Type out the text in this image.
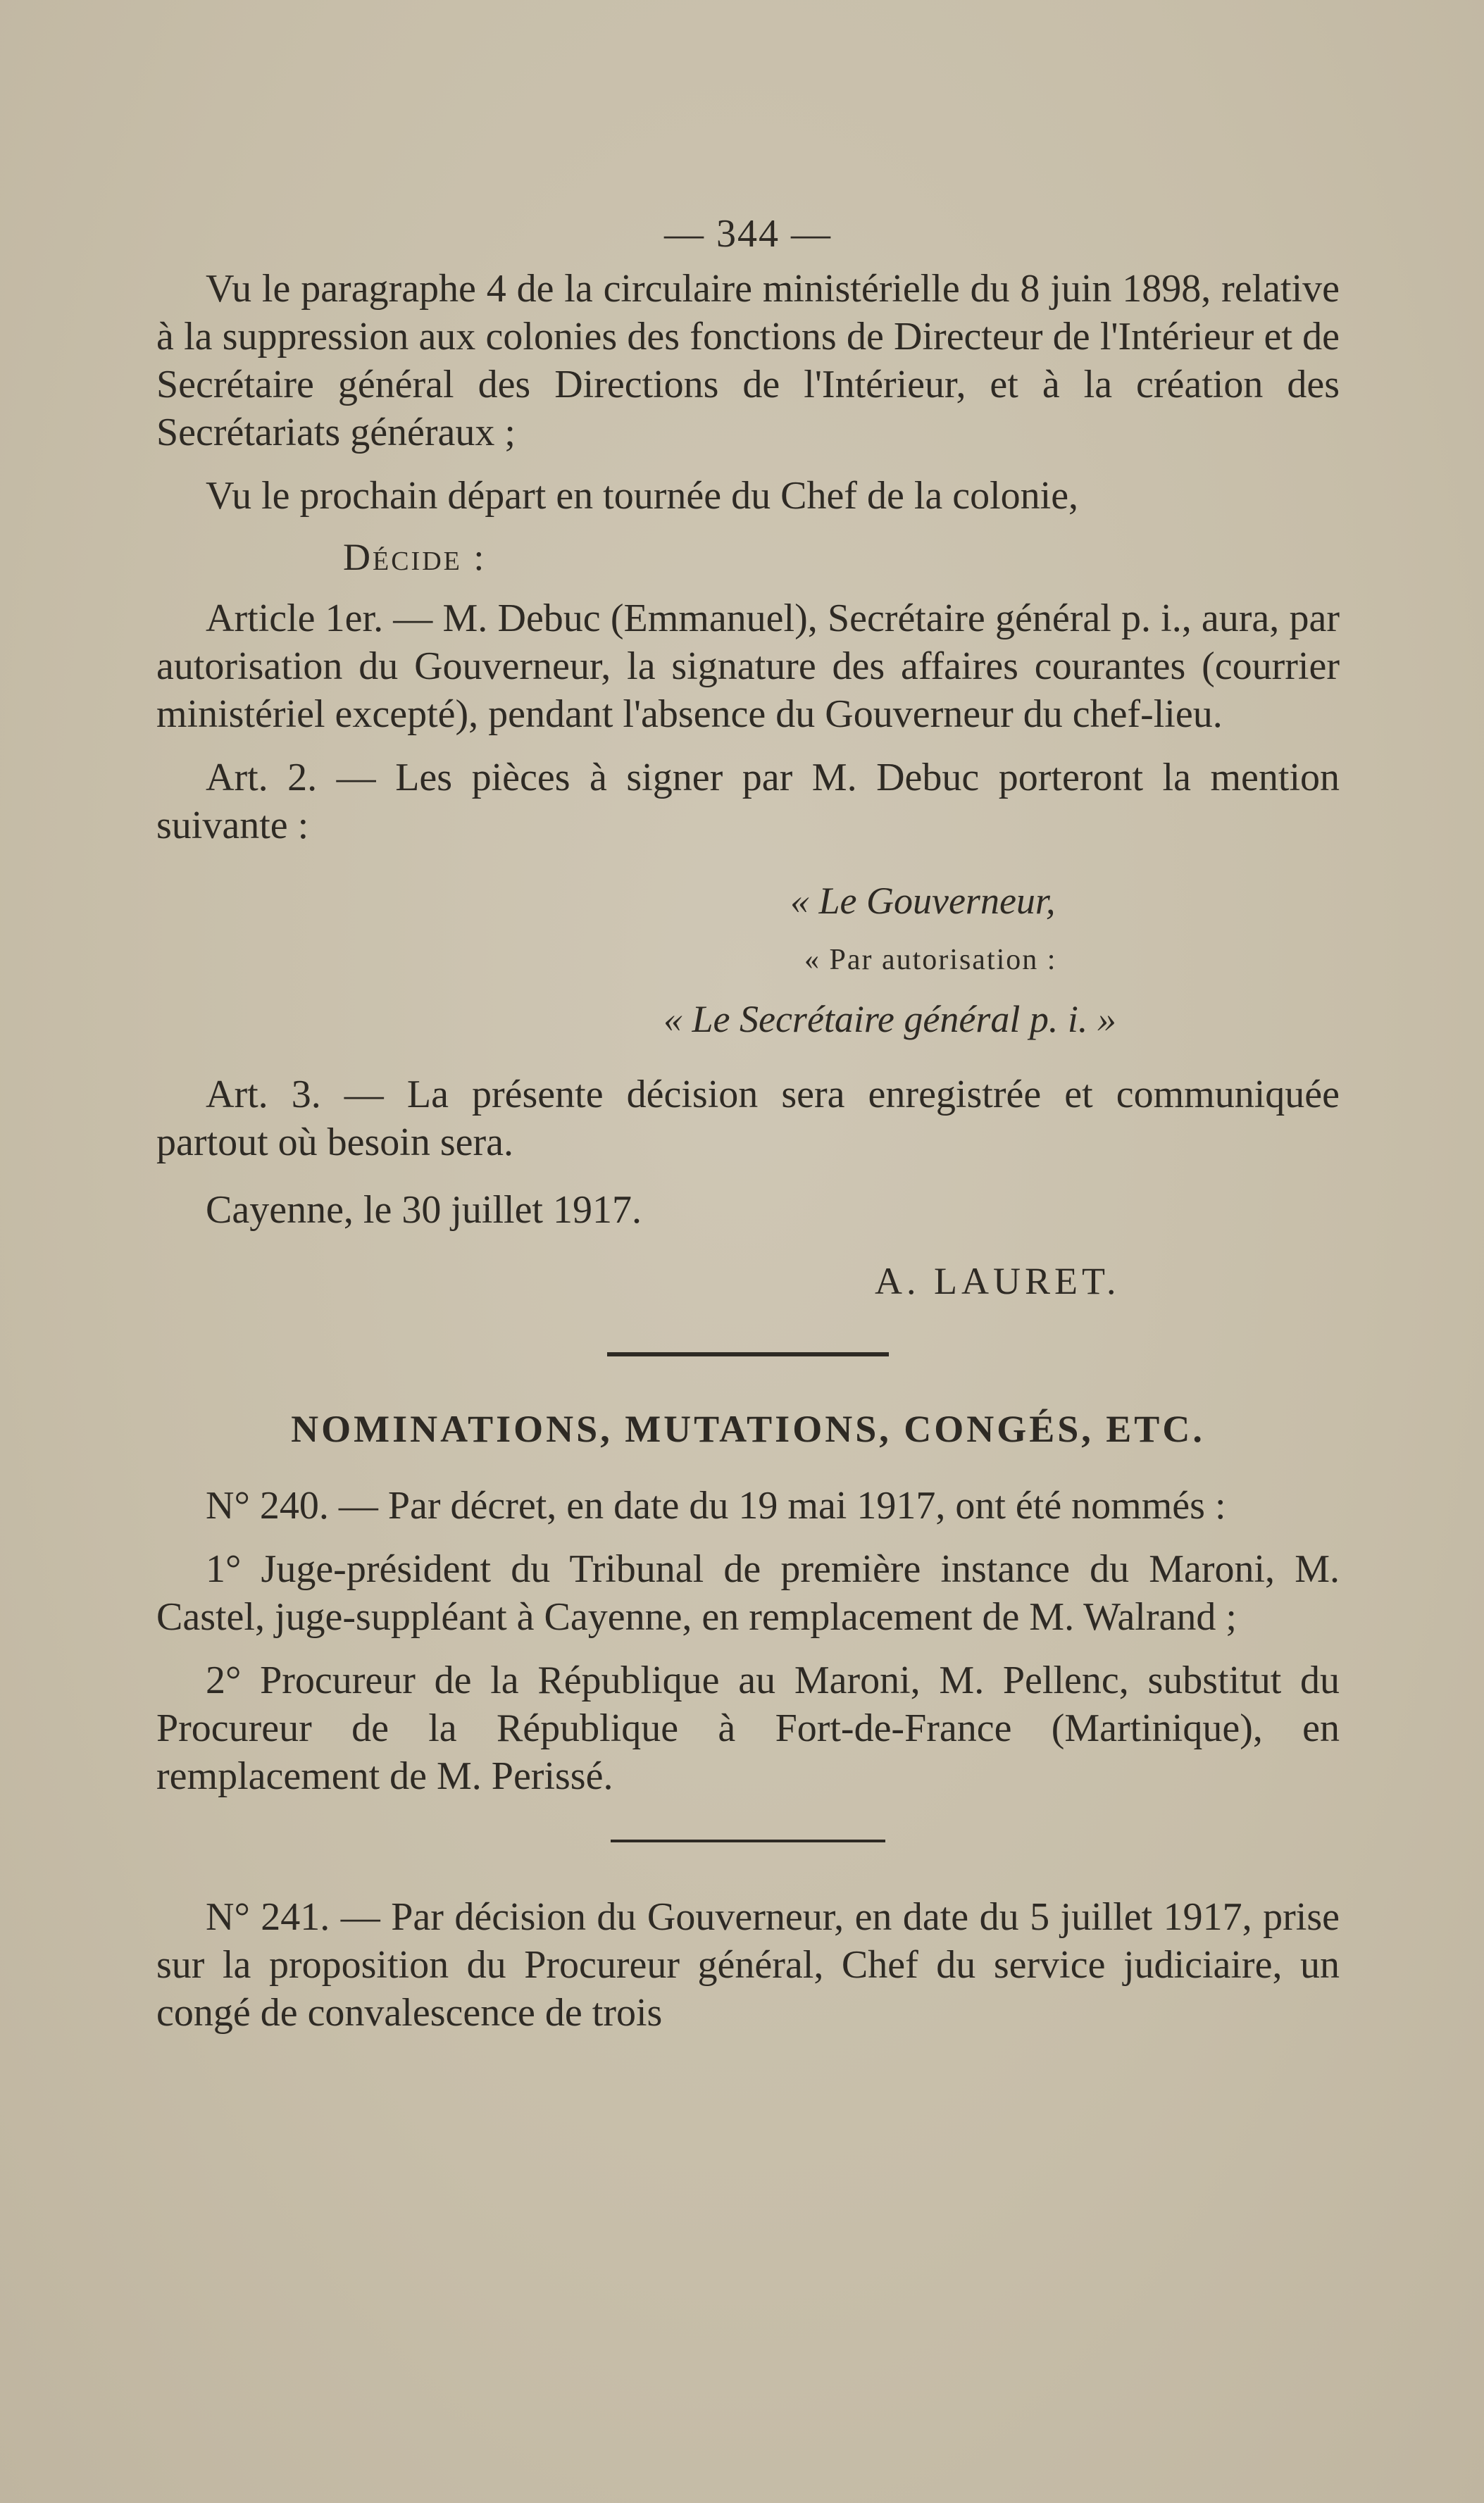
— 344 —

Vu le paragraphe 4 de la circulaire ministérielle du 8 juin 1898, relative à la suppression aux colonies des fonctions de Directeur de l'Intérieur et de Secrétaire général des Directions de l'Intérieur, et à la création des Secrétariats généraux ;

Vu le prochain départ en tournée du Chef de la colonie,

Décide :

Article 1er. — M. Debuc (Emmanuel), Secrétaire général p. i., aura, par autorisation du Gouverneur, la signature des affaires courantes (courrier ministériel excepté), pendant l'absence du Gouverneur du chef-lieu.

Art. 2. — Les pièces à signer par M. Debuc porteront la mention suivante :

« Le Gouverneur,
« Par autorisation :
« Le Secrétaire général p. i. »

Art. 3. — La présente décision sera enregistrée et communiquée partout où besoin sera.

Cayenne, le 30 juillet 1917.

A. LAURET.
NOMINATIONS, MUTATIONS, CONGÉS, ETC.

N° 240. — Par décret, en date du 19 mai 1917, ont été nommés :

1° Juge-président du Tribunal de première instance du Maroni, M. Castel, juge-suppléant à Cayenne, en remplacement de M. Walrand ;

2° Procureur de la République au Maroni, M. Pellenc, substitut du Procureur de la République à Fort-de-France (Martinique), en remplacement de M. Perissé.

N° 241. — Par décision du Gouverneur, en date du 5 juillet 1917, prise sur la proposition du Procureur général, Chef du service judiciaire, un congé de convalescence de trois
